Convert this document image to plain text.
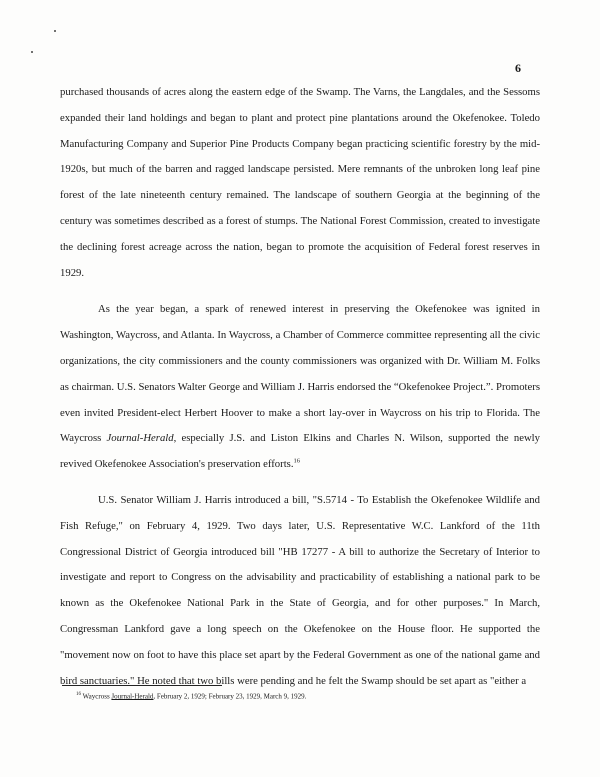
6

purchased thousands of acres along the eastern edge of the Swamp. The Varns, the Langdales, and the Sessoms expanded their land holdings and began to plant and protect pine plantations around the Okefenokee. Toledo Manufacturing Company and Superior Pine Products Company began practicing scientific forestry by the mid-1920s, but much of the barren and ragged landscape persisted. Mere remnants of the unbroken long leaf pine forest of the late nineteenth century remained. The landscape of southern Georgia at the beginning of the century was sometimes described as a forest of stumps. The National Forest Commission, created to investigate the declining forest acreage across the nation, began to promote the acquisition of Federal forest reserves in 1929.

As the year began, a spark of renewed interest in preserving the Okefenokee was ignited in Washington, Waycross, and Atlanta. In Waycross, a Chamber of Commerce committee representing all the civic organizations, the city commissioners and the county commissioners was organized with Dr. William M. Folks as chairman. U.S. Senators Walter George and William J. Harris endorsed the “Okefenokee Project.”. Promoters even invited President-elect Herbert Hoover to make a short lay-over in Waycross on his trip to Florida. The Waycross Journal-Herald, especially J.S. and Liston Elkins and Charles N. Wilson, supported the newly revived Okefenokee Association's preservation efforts.$^{16}$

U.S. Senator William J. Harris introduced a bill, "S.5714 - To Establish the Okefenokee Wildlife and Fish Refuge," on February 4, 1929. Two days later, U.S. Representative W.C. Lankford of the 11th Congressional District of Georgia introduced bill "HB 17277 - A bill to authorize the Secretary of Interior to investigate and report to Congress on the advisability and practicability of establishing a national park to be known as the Okefenokee National Park in the State of Georgia, and for other purposes." In March, Congressman Lankford gave a long speech on the Okefenokee on the House floor. He supported the "movement now on foot to have this place set apart by the Federal Government as one of the national game and bird sanctuaries." He noted that two bills were pending and he felt the Swamp should be set apart as "either a

$^{16}$ Waycross Journal-Herald, February 2, 1929; February 23, 1929, March 9, 1929.
